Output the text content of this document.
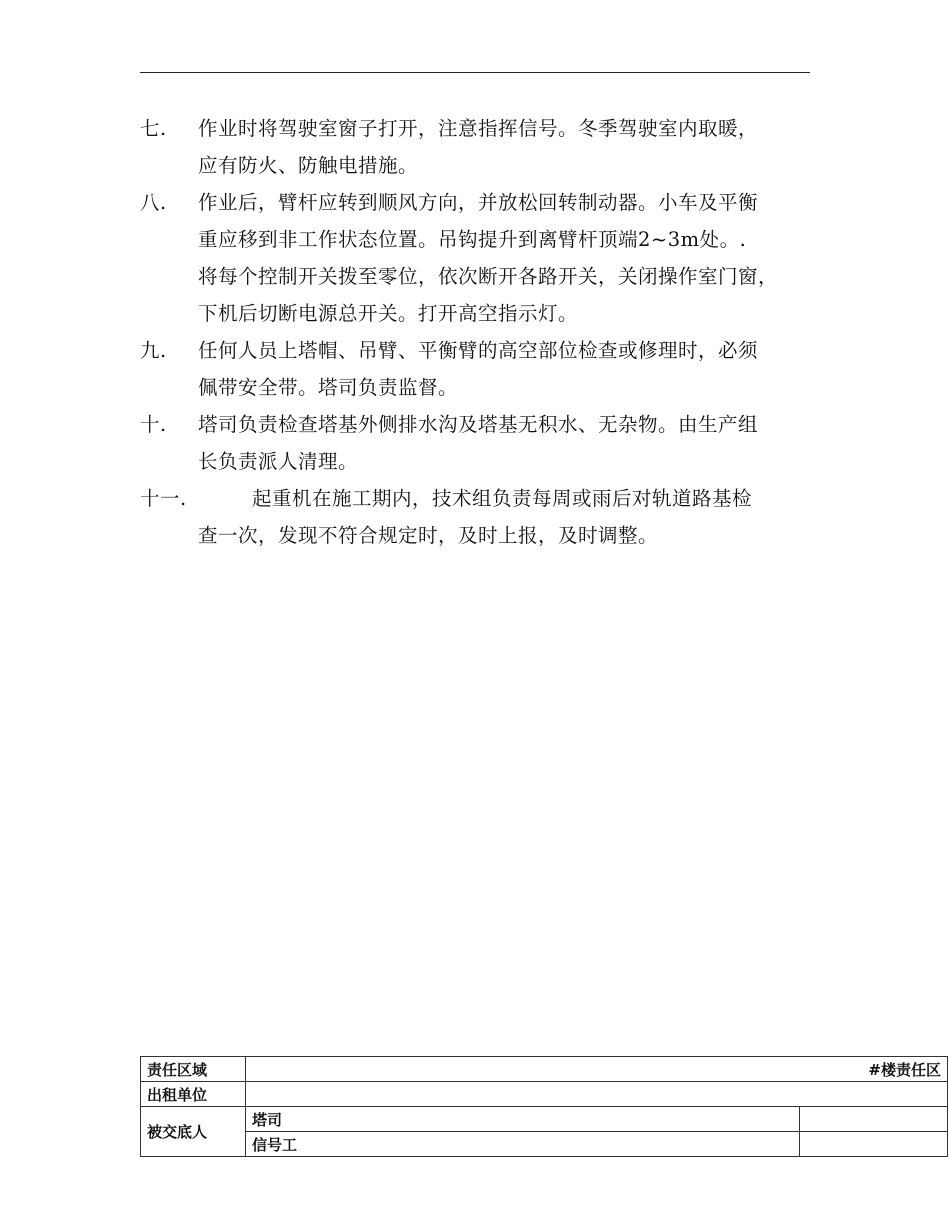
七. 作业时将驾驶室窗子打开，注意指挥信号。冬季驾驶室内取暖，
应有防火、防触电措施。
八. 作业后，臂杆应转到顺风方向，并放松回转制动器。小车及平衡
重应移到非工作状态位置。吊钩提升到离臂杆顶端2~3m处。.
将每个控制开关拨至零位，依次断开各路开关，关闭操作室门窗，
下机后切断电源总开关。打开高空指示灯。
九. 任何人员上塔帽、吊臂、平衡臂的高空部位检查或修理时，必须
佩带安全带。塔司负责监督。
十. 塔司负责检查塔基外侧排水沟及塔基无积水、无杂物。由生产组
长负责派人清理。
十一.	起重机在施工期内，技术组负责每周或雨后对轨道路基检
查一次，发现不符合规定时，及时上报，及时调整。
责任区域	#楼责任区	
出租单位		
被交底人	塔司	
	信号工	
